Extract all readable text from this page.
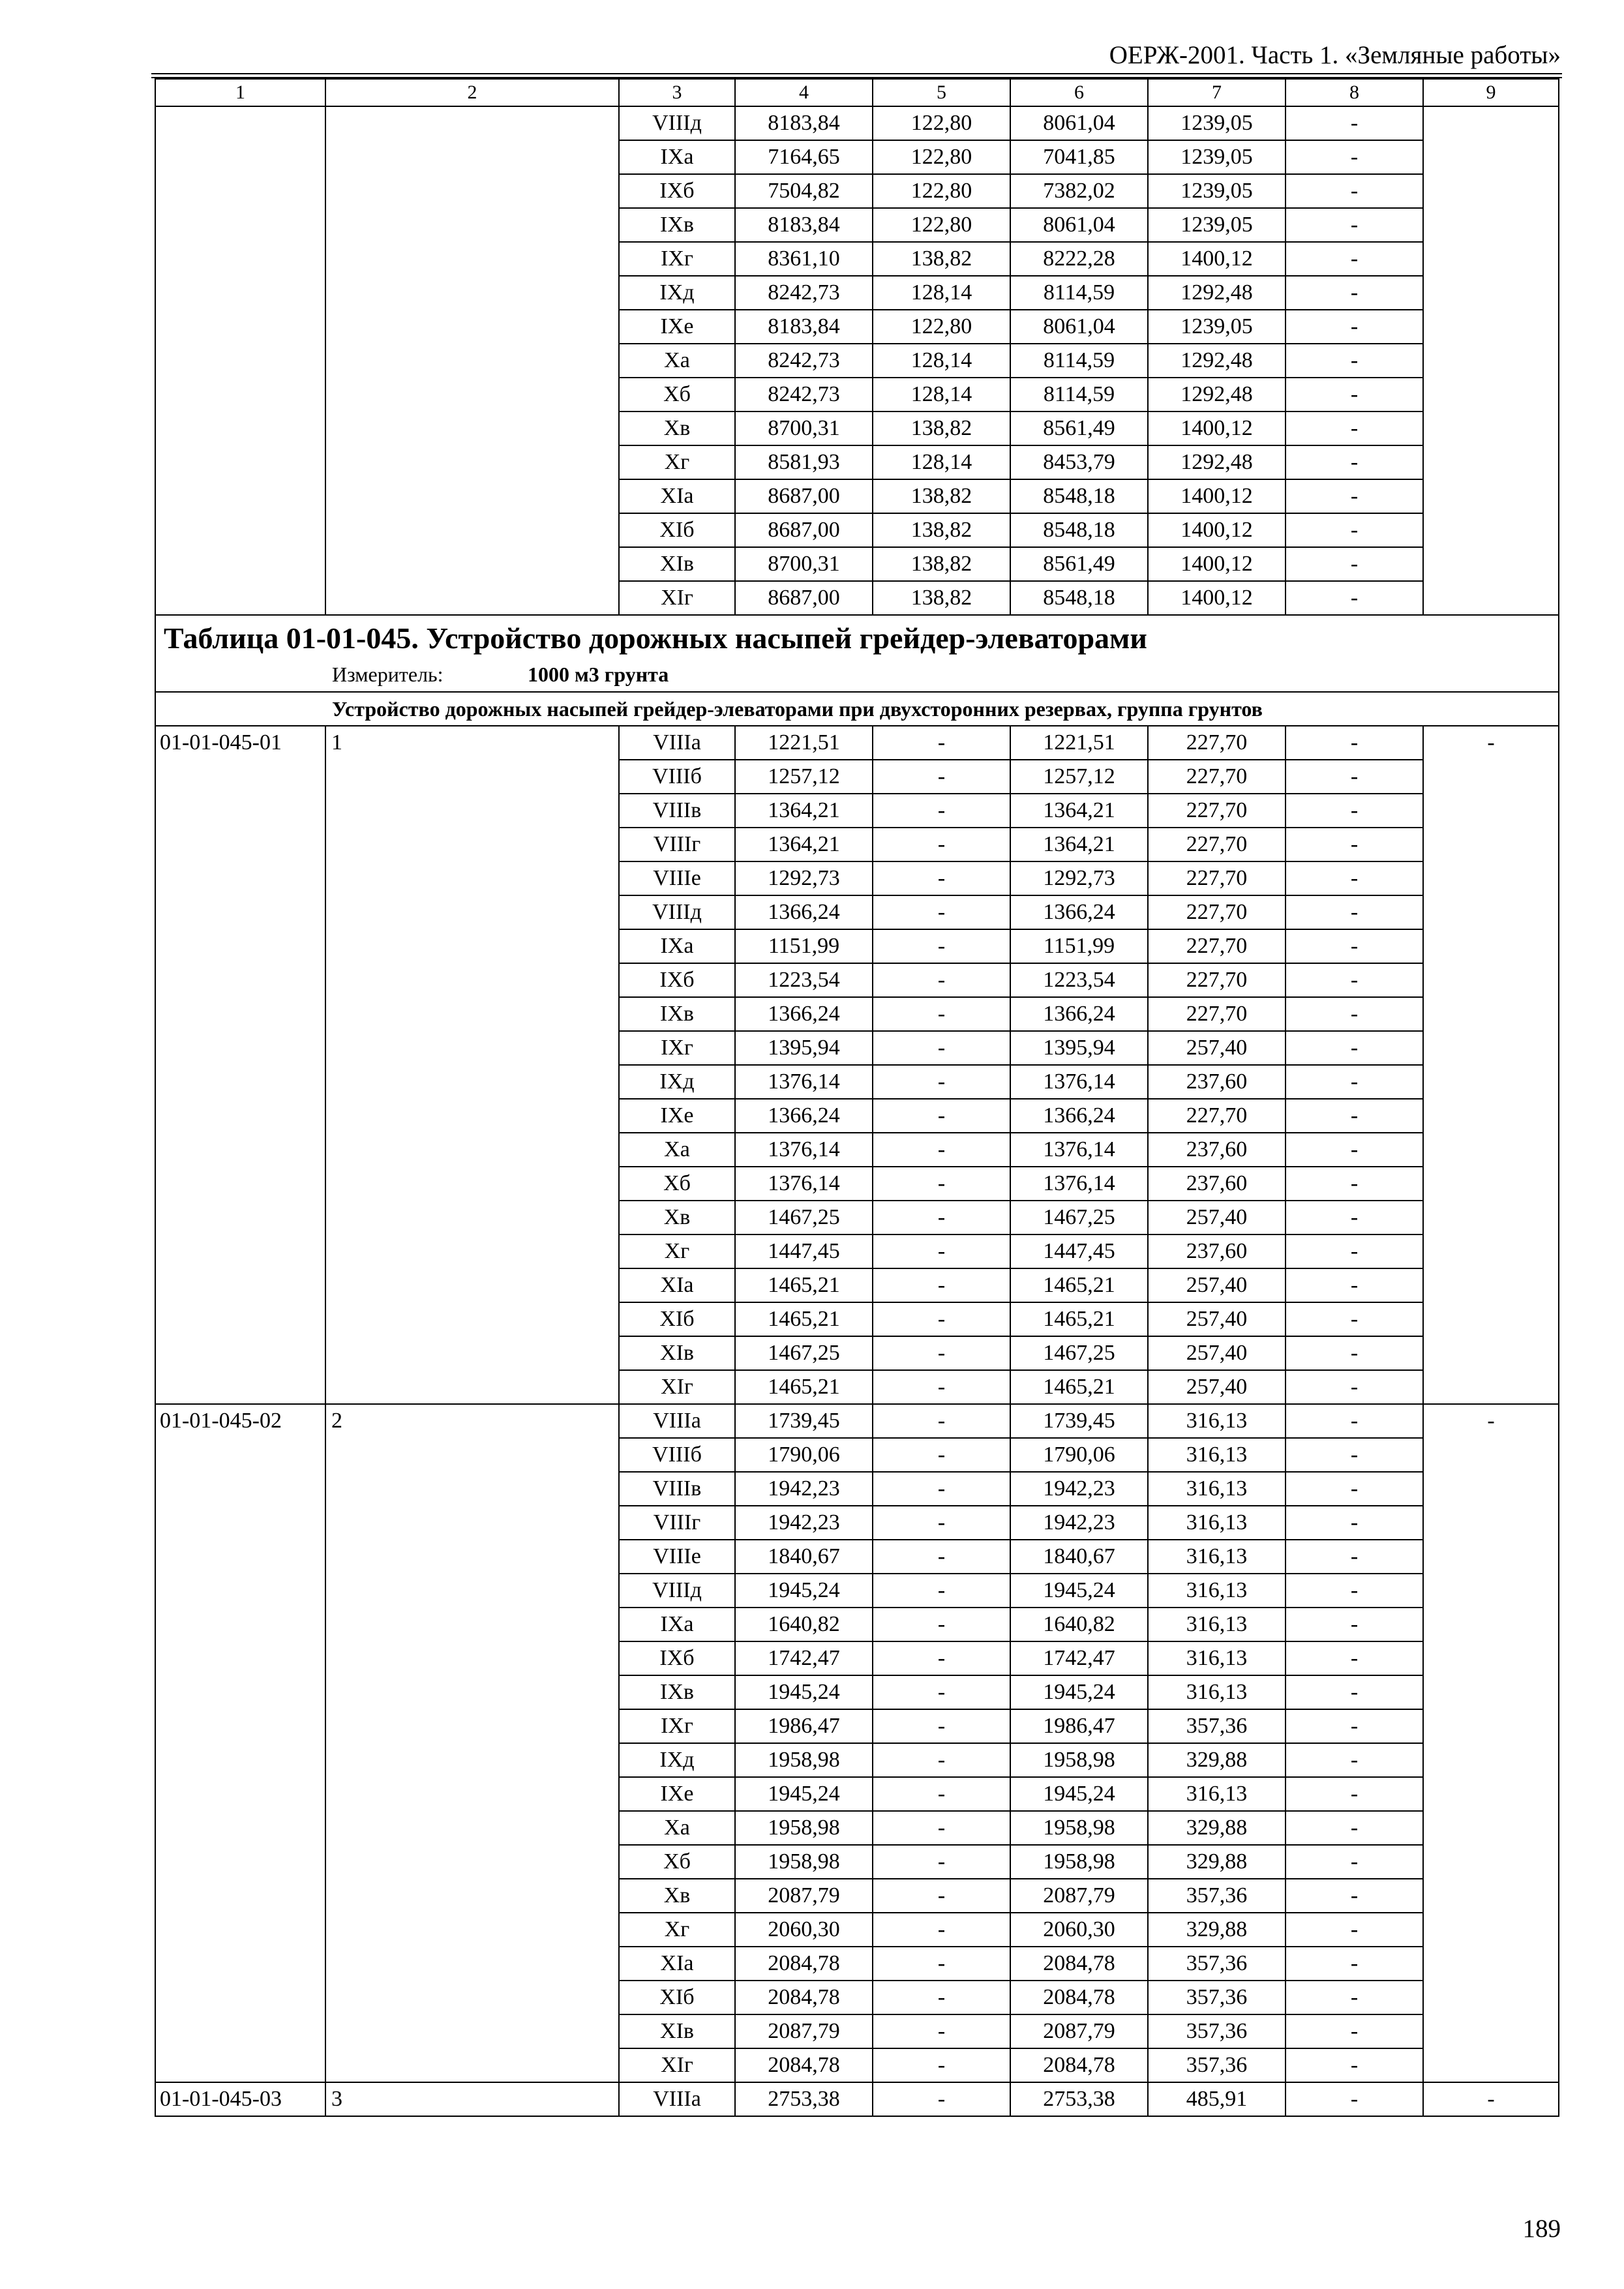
ОЕРЖ-2001. Часть 1. «Земляные работы»
1	2	3	4	5	6	7	8	9
		VIIIд	8183,84	122,80	8061,04	1239,05	-	
		IXа	7164,65	122,80	7041,85	1239,05	-	
		IXб	7504,82	122,80	7382,02	1239,05	-	
		IXв	8183,84	122,80	8061,04	1239,05	-	
		IXг	8361,10	138,82	8222,28	1400,12	-	
		IXд	8242,73	128,14	8114,59	1292,48	-	
		IXе	8183,84	122,80	8061,04	1239,05	-	
		Xа	8242,73	128,14	8114,59	1292,48	-	
		Xб	8242,73	128,14	8114,59	1292,48	-	
		Xв	8700,31	138,82	8561,49	1400,12	-	
		Xг	8581,93	128,14	8453,79	1292,48	-	
		XIа	8687,00	138,82	8548,18	1400,12	-	
		XIб	8687,00	138,82	8548,18	1400,12	-	
		XIв	8700,31	138,82	8561,49	1400,12	-	
		XIг	8687,00	138,82	8548,18	1400,12	-	

Таблица 01-01-045. Устройство дорожных насыпей грейдер-элеваторами
Измеритель: 1000 м3 грунта								

Устройство дорожных насыпей грейдер-элеваторами при двухсторонних резервах, группа грунтов								
01-01-045-01	1	VIIIа	1221,51	-	1221,51	227,70	-	-
		VIIIб	1257,12	-	1257,12	227,70	-	
		VIIIв	1364,21	-	1364,21	227,70	-	
		VIIIг	1364,21	-	1364,21	227,70	-	
		VIIIе	1292,73	-	1292,73	227,70	-	
		VIIIд	1366,24	-	1366,24	227,70	-	
		IXа	1151,99	-	1151,99	227,70	-	
		IXб	1223,54	-	1223,54	227,70	-	
		IXв	1366,24	-	1366,24	227,70	-	
		IXг	1395,94	-	1395,94	257,40	-	
		IXд	1376,14	-	1376,14	237,60	-	
		IXе	1366,24	-	1366,24	227,70	-	
		Xа	1376,14	-	1376,14	237,60	-	
		Xб	1376,14	-	1376,14	237,60	-	
		Xв	1467,25	-	1467,25	257,40	-	
		Xг	1447,45	-	1447,45	237,60	-	
		XIа	1465,21	-	1465,21	257,40	-	
		XIб	1465,21	-	1465,21	257,40	-	
		XIв	1467,25	-	1467,25	257,40	-	
		XIг	1465,21	-	1465,21	257,40	-	
01-01-045-02	2	VIIIа	1739,45	-	1739,45	316,13	-	-
		VIIIб	1790,06	-	1790,06	316,13	-	
		VIIIв	1942,23	-	1942,23	316,13	-	
		VIIIг	1942,23	-	1942,23	316,13	-	
		VIIIе	1840,67	-	1840,67	316,13	-	
		VIIIд	1945,24	-	1945,24	316,13	-	
		IXа	1640,82	-	1640,82	316,13	-	
		IXб	1742,47	-	1742,47	316,13	-	
		IXв	1945,24	-	1945,24	316,13	-	
		IXг	1986,47	-	1986,47	357,36	-	
		IXд	1958,98	-	1958,98	329,88	-	
		IXе	1945,24	-	1945,24	316,13	-	
		Xа	1958,98	-	1958,98	329,88	-	
		Xб	1958,98	-	1958,98	329,88	-	
		Xв	2087,79	-	2087,79	357,36	-	
		Xг	2060,30	-	2060,30	329,88	-	
		XIа	2084,78	-	2084,78	357,36	-	
		XIб	2084,78	-	2084,78	357,36	-	
		XIв	2087,79	-	2087,79	357,36	-	
		XIг	2084,78	-	2084,78	357,36	-	
01-01-045-03	3	VIIIа	2753,38	-	2753,38	485,91	-	-
189
